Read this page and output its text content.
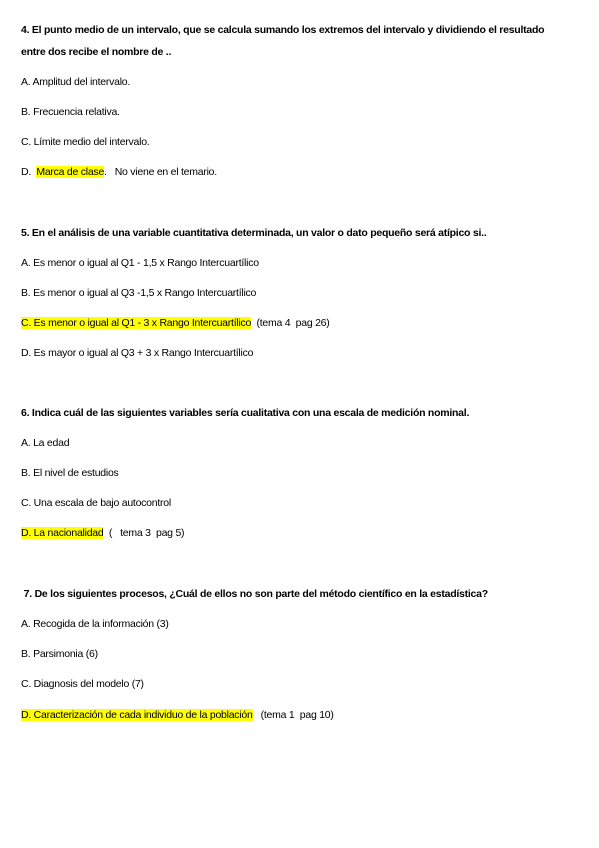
4. El punto medio de un intervalo, que se calcula sumando los extremos del intervalo y dividiendo el resultado
entre dos recibe el nombre de ..
A. Amplitud del intervalo.
B. Frecuencia relativa.
C. Límite medio del intervalo.
D.  Marca de clase.   No viene en el temario.
5. En el análisis de una variable cuantitativa determinada, un valor o dato pequeño será atípico si..
A. Es menor o igual al Q1 - 1,5 x Rango Intercuartílico
B. Es menor o igual al Q3 -1,5 x Rango Intercuartílico
C. Es menor o igual al Q1 - 3 x Rango Intercuartílico  (tema 4  pag 26)
D. Es mayor o igual al Q3 + 3 x Rango Intercuartílico
6. Indica cuál de las siguientes variables sería cualitativa con una escala de medición nominal.
A. La edad
B. El nivel de estudios
C. Una escala de bajo autocontrol
D. La nacionalidad  (   tema 3  pag 5)
7. De los siguientes procesos, ¿Cuál de ellos no son parte del método científico en la estadística?
A. Recogida de la información (3)
B. Parsimonia (6)
C. Diagnosis del modelo (7)
D. Caracterización de cada individuo de la población   (tema 1  pag 10)
